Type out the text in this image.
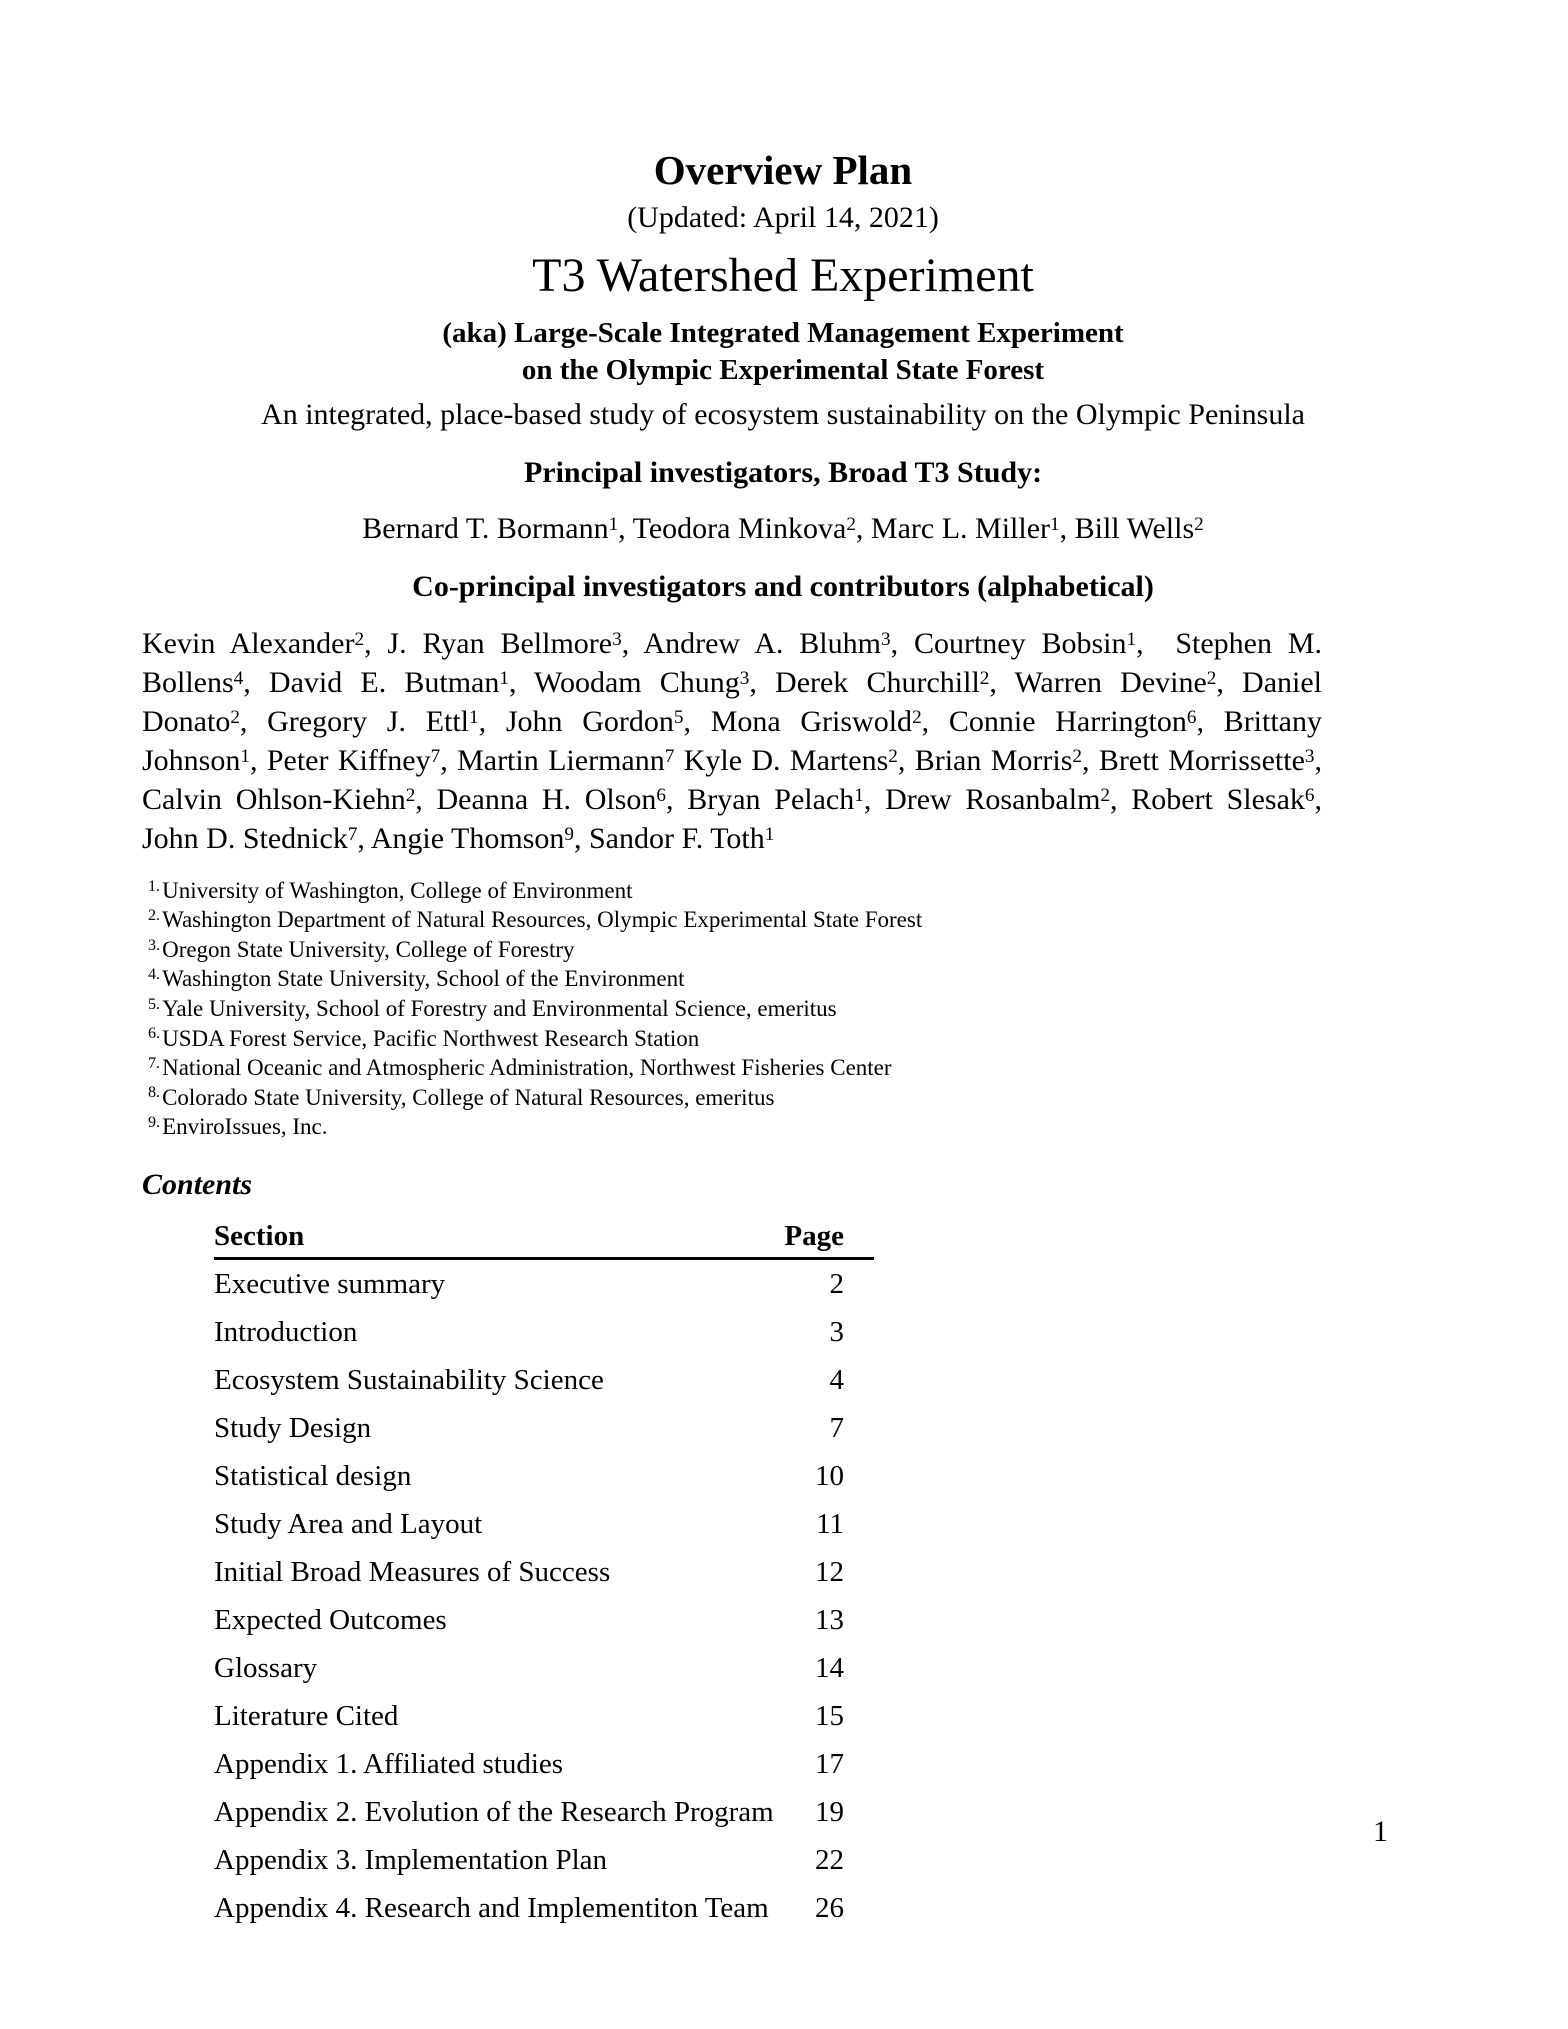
Overview Plan
(Updated: April 14, 2021)
T3 Watershed Experiment
(aka) Large-Scale Integrated Management Experiment
on the Olympic Experimental State Forest
An integrated, place-based study of ecosystem sustainability on the Olympic Peninsula
Principal investigators, Broad T3 Study:
Bernard T. Bormann$^1$, Teodora Minkova$^2$, Marc L. Miller$^1$, Bill Wells$^2$
Co-principal investigators and contributors (alphabetical)
Kevin Alexander$^2$, J. Ryan Bellmore$^3$, Andrew A. Bluhm$^3$, Courtney Bobsin$^1$,  Stephen M. Bollens$^4$, David E. Butman$^1$, Woodam Chung$^3$, Derek Churchill$^2$, Warren Devine$^2$, Daniel Donato$^2$, Gregory J. Ettl$^1$, John Gordon$^5$, Mona Griswold$^2$, Connie Harrington$^6$, Brittany Johnson$^1$, Peter Kiffney$^7$, Martin Liermann$^7$ Kyle D. Martens$^2$, Brian Morris$^2$, Brett Morrissette$^3$, Calvin Ohlson-Kiehn$^2$, Deanna H. Olson$^6$, Bryan Pelach$^1$, Drew Rosanbalm$^2$, Robert Slesak$^6$, John D. Stednick$^7$, Angie Thomson$^9$, Sandor F. Toth$^1$
$^{1.}$University of Washington, College of Environment
$^{2.}$Washington Department of Natural Resources, Olympic Experimental State Forest
$^{3.}$Oregon State University, College of Forestry
$^{4.}$Washington State University, School of the Environment
$^{5.}$Yale University, School of Forestry and Environmental Science, emeritus
$^{6.}$USDA Forest Service, Pacific Northwest Research Station
$^{7.}$National Oceanic and Atmospheric Administration, Northwest Fisheries Center
$^{8.}$Colorado State University, College of Natural Resources, emeritus
$^{9.}$EnviroIssues, Inc.
Contents
Section	Page
Executive summary	2
Introduction	3
Ecosystem Sustainability Science	4
Study Design	7
Statistical design	10
Study Area and Layout	11
Initial Broad Measures of Success	12
Expected Outcomes	13
Glossary	14
Literature Cited	15
Appendix 1. Affiliated studies	17
Appendix 2. Evolution of the Research Program	19
Appendix 3. Implementation Plan	22
Appendix 4. Research and Implementiton Team	26
1
